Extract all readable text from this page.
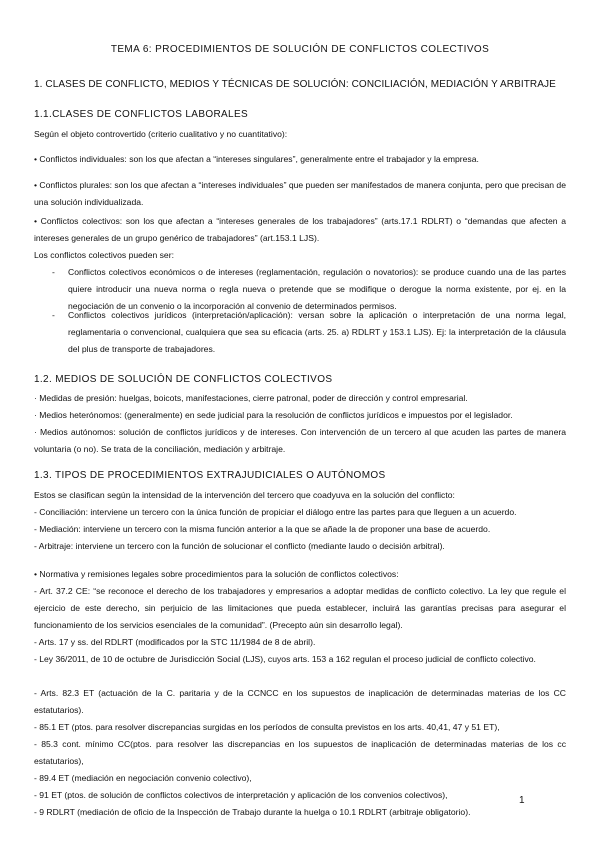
TEMA 6: PROCEDIMIENTOS DE SOLUCIÓN DE CONFLICTOS COLECTIVOS
1. CLASES DE CONFLICTO, MEDIOS Y TÉCNICAS DE SOLUCIÓN: CONCILIACIÓN, MEDIACIÓN Y ARBITRAJE
1.1.CLASES DE CONFLICTOS LABORALES
Según el objeto controvertido (criterio cualitativo y no cuantitativo):
• Conflictos individuales: son los que afectan a “intereses singulares”, generalmente entre el trabajador y la empresa.
• Conflictos plurales: son los que afectan a “intereses individuales” que pueden ser manifestados de manera conjunta, pero que precisan de una solución individualizada.
• Conflictos colectivos: son los que afectan a “intereses generales de los trabajadores” (arts.17.1 RDLRT) o “demandas que afecten a intereses generales de un grupo genérico de trabajadores” (art.153.1 LJS).
Los conflictos colectivos pueden ser:
- Conflictos colectivos económicos o de intereses (reglamentación, regulación o novatorios): se produce cuando una de las partes quiere introducir una nueva norma o regla nueva o pretende que se modifique o derogue la norma existente, por ej. en la negociación de un convenio o la incorporación al convenio de determinados permisos.
- Conflictos colectivos jurídicos (interpretación/aplicación): versan sobre la aplicación o interpretación de una norma legal, reglamentaria o convencional, cualquiera que sea su eficacia (arts. 25. a) RDLRT y 153.1 LJS). Ej: la interpretación de la cláusula del plus de transporte de trabajadores.
1.2. MEDIOS DE SOLUCIÓN DE CONFLICTOS COLECTIVOS
· Medidas de presión: huelgas, boicots, manifestaciones, cierre patronal, poder de dirección y control empresarial.
· Medios heterónomos: (generalmente) en sede judicial para la resolución de conflictos jurídicos e impuestos por el legislador.
· Medios autónomos: solución de conflictos jurídicos y de intereses. Con intervención de un tercero al que acuden las partes de manera voluntaria (o no). Se trata de la conciliación, mediación y arbitraje.
1.3. TIPOS DE PROCEDIMIENTOS EXTRAJUDICIALES O AUTÓNOMOS
Estos se clasifican según la intensidad de la intervención del tercero que coadyuva en la solución del conflicto:
- Conciliación: interviene un tercero con la única función de propiciar el diálogo entre las partes para que lleguen a un acuerdo.
- Mediación: interviene un tercero con la misma función anterior a la que se añade la de proponer una base de acuerdo.
- Arbitraje: interviene un tercero con la función de solucionar el conflicto (mediante laudo o decisión arbitral).
• Normativa y remisiones legales sobre procedimientos para la solución de conflictos colectivos:
- Art. 37.2 CE: “se reconoce el derecho de los trabajadores y empresarios a adoptar medidas de conflicto colectivo. La ley que regule el ejercicio de este derecho, sin perjuicio de las limitaciones que pueda establecer, incluirá las garantías precisas para asegurar el funcionamiento de los servicios esenciales de la comunidad”. (Precepto aún sin desarrollo legal).
- Arts. 17 y ss. del RDLRT (modificados por la STC 11/1984 de 8 de abril).
- Ley 36/2011, de 10 de octubre de Jurisdicción Social (LJS), cuyos arts. 153 a 162 regulan el proceso judicial de conflicto colectivo.
- Arts. 82.3 ET (actuación de la C. paritaria y de la CCNCC en los supuestos de inaplicación de determinadas materias de los CC estatutarios).
- 85.1 ET (ptos. para resolver discrepancias surgidas en los períodos de consulta previstos en los arts. 40,41, 47 y 51 ET),
- 85.3 cont. mínimo CC(ptos. para resolver las discrepancias en los supuestos de inaplicación de determinadas materias de los cc estatutarios),
- 89.4 ET (mediación en negociación convenio colectivo),
- 91 ET (ptos. de solución de conflictos colectivos de interpretación y aplicación de los convenios colectivos),
- 9 RDLRT (mediación de oficio de la Inspección de Trabajo durante la huelga o 10.1 RDLRT (arbitraje obligatorio).
1
